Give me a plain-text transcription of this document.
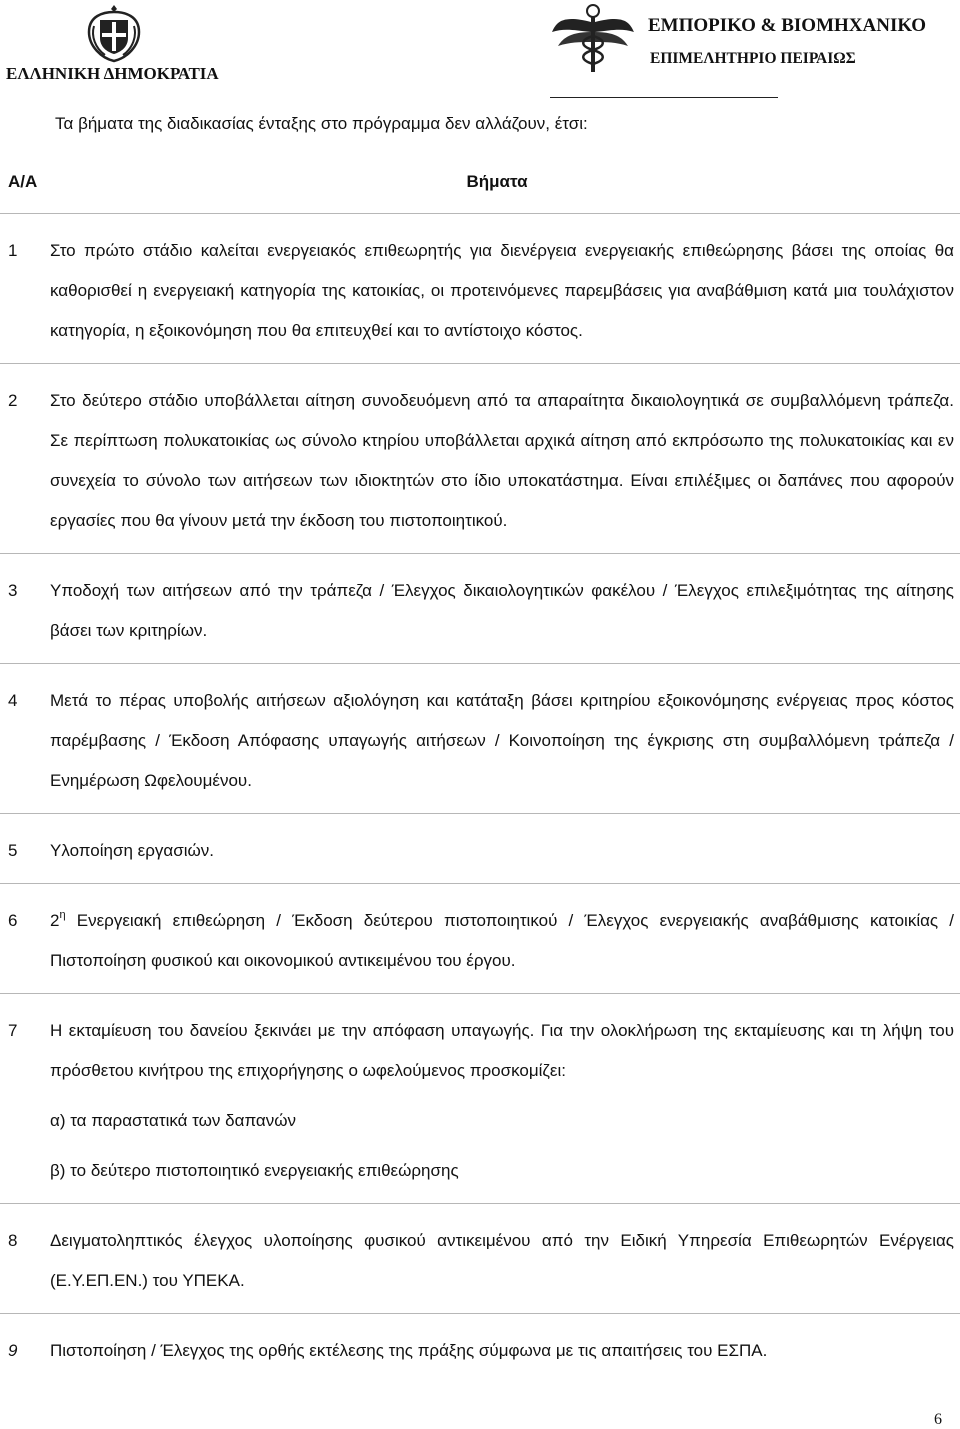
ΕΛΛΗΝΙΚΗ ΔΗΜΟΚΡΑΤΙΑ
ΕΜΠΟΡΙΚΟ & ΒΙΟΜΗΧΑΝΙΚΟ
ΕΠΙΜΕΛΗΤΗΡΙΟ ΠΕΙΡΑΙΩΣ
Τα βήματα της διαδικασίας ένταξης στο πρόγραμμα δεν αλλάζουν, έτσι:
Α/Α	Βήματα
1	Στο πρώτο στάδιο καλείται ενεργειακός επιθεωρητής για διενέργεια ενεργειακής επιθεώρησης βάσει της οποίας θα καθορισθεί η ενεργειακή κατηγορία της κατοικίας, οι προτεινόμενες παρεμβάσεις για αναβάθμιση κατά μια τουλάχιστον κατηγορία, η εξοικονόμηση που θα επιτευχθεί και το αντίστοιχο κόστος.
2	Στο δεύτερο στάδιο υποβάλλεται αίτηση συνοδευόμενη από τα απαραίτητα δικαιολογητικά σε συμβαλλόμενη τράπεζα. Σε περίπτωση πολυκατοικίας ως σύνολο κτηρίου υποβάλλεται αρχικά αίτηση από εκπρόσωπο της πολυκατοικίας και εν συνεχεία το σύνολο των αιτήσεων των ιδιοκτητών στο ίδιο υποκατάστημα. Είναι επιλέξιμες οι δαπάνες που αφορούν εργασίες που θα γίνουν μετά την έκδοση του πιστοποιητικού.
3	Υποδοχή των αιτήσεων από την τράπεζα / Έλεγχος δικαιολογητικών φακέλου / Έλεγχος επιλεξιμότητας της αίτησης βάσει των κριτηρίων.
4	Μετά το πέρας υποβολής αιτήσεων αξιολόγηση και κατάταξη βάσει κριτηρίου εξοικονόμησης ενέργειας προς κόστος παρέμβασης / Έκδοση Απόφασης υπαγωγής αιτήσεων / Κοινοποίηση της έγκρισης στη συμβαλλόμενη τράπεζα / Ενημέρωση Ωφελουμένου.
5	Υλοποίηση εργασιών.
6	$2^\eta$ Ενεργειακή επιθεώρηση / Έκδοση δεύτερου πιστοποιητικού / Έλεγχος ενεργειακής αναβάθμισης κατοικίας / Πιστοποίηση φυσικού και οικονομικού αντικειμένου του έργου.
7	Η εκταμίευση του δανείου ξεκινάει με την απόφαση υπαγωγής. Για την ολοκλήρωση της εκταμίευσης και τη λήψη του πρόσθετου κινήτρου της επιχορήγησης ο ωφελούμενος προσκομίζει:
α) τα παραστατικά των δαπανών
β) το δεύτερο πιστοποιητικό ενεργειακής επιθεώρησης

8	Δειγματοληπτικός έλεγχος υλοποίησης φυσικού αντικειμένου από την Ειδική Υπηρεσία Επιθεωρητών Ενέργειας (Ε.Υ.ΕΠ.ΕΝ.) του ΥΠΕΚΑ.
9	Πιστοποίηση / Έλεγχος της ορθής εκτέλεσης της πράξης σύμφωνα με τις απαιτήσεις του ΕΣΠΑ.
6
